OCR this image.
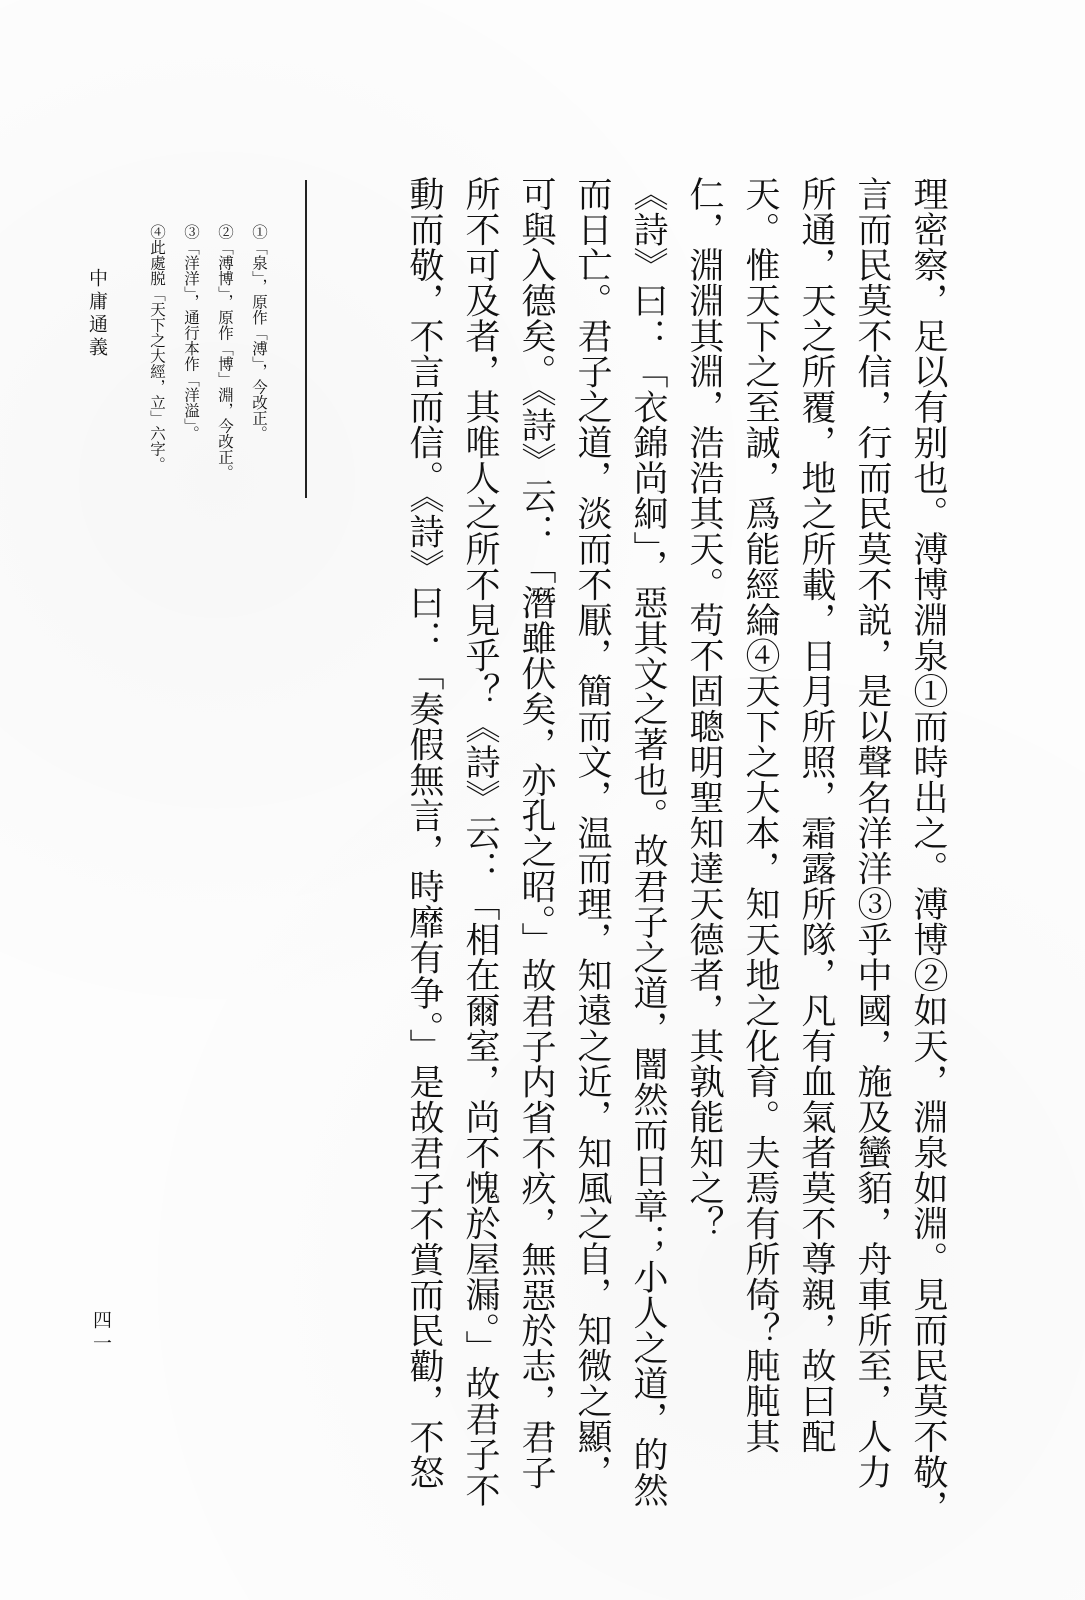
理密察，足以有别也。溥博淵泉①而時出之。溥博②如天，淵泉如淵。見而民莫不敬，

言而民莫不信，行而民莫不説，是以聲名洋洋③乎中國，施及蠻貊，舟車所至，人力

所通，天之所覆，地之所載，日月所照，霜露所隊，凡有血氣者莫不尊親，故曰配

天。惟天下之至誠，爲能經綸④天下之大本，知天地之化育。夫焉有所倚？肫肫其

仁，淵淵其淵，浩浩其天。苟不固聰明聖知達天德者，其孰能知之？

《詩》曰：「衣錦尚絅」，惡其文之著也。故君子之道，闇然而日章；小人之道，的然

而日亡。君子之道，淡而不厭，簡而文，温而理，知遠之近，知風之自，知微之顯，

可與入德矣。《詩》云：「潛雖伏矣，亦孔之昭。」故君子内省不疚，無惡於志，君子

所不可及者，其唯人之所不見乎？《詩》云：「相在爾室，尚不愧於屋漏。」故君子不

動而敬，不言而信。《詩》曰：「奏假無言，時靡有争。」是故君子不賞而民勸，不怒

①「泉」，原作「溥」，今改正。

②「溥博」，原作「博」淵，今改正。

③「洋洋」，通行本作「洋溢」。

④此處脱「天下之大經，立」六字。

中庸通義

四一
